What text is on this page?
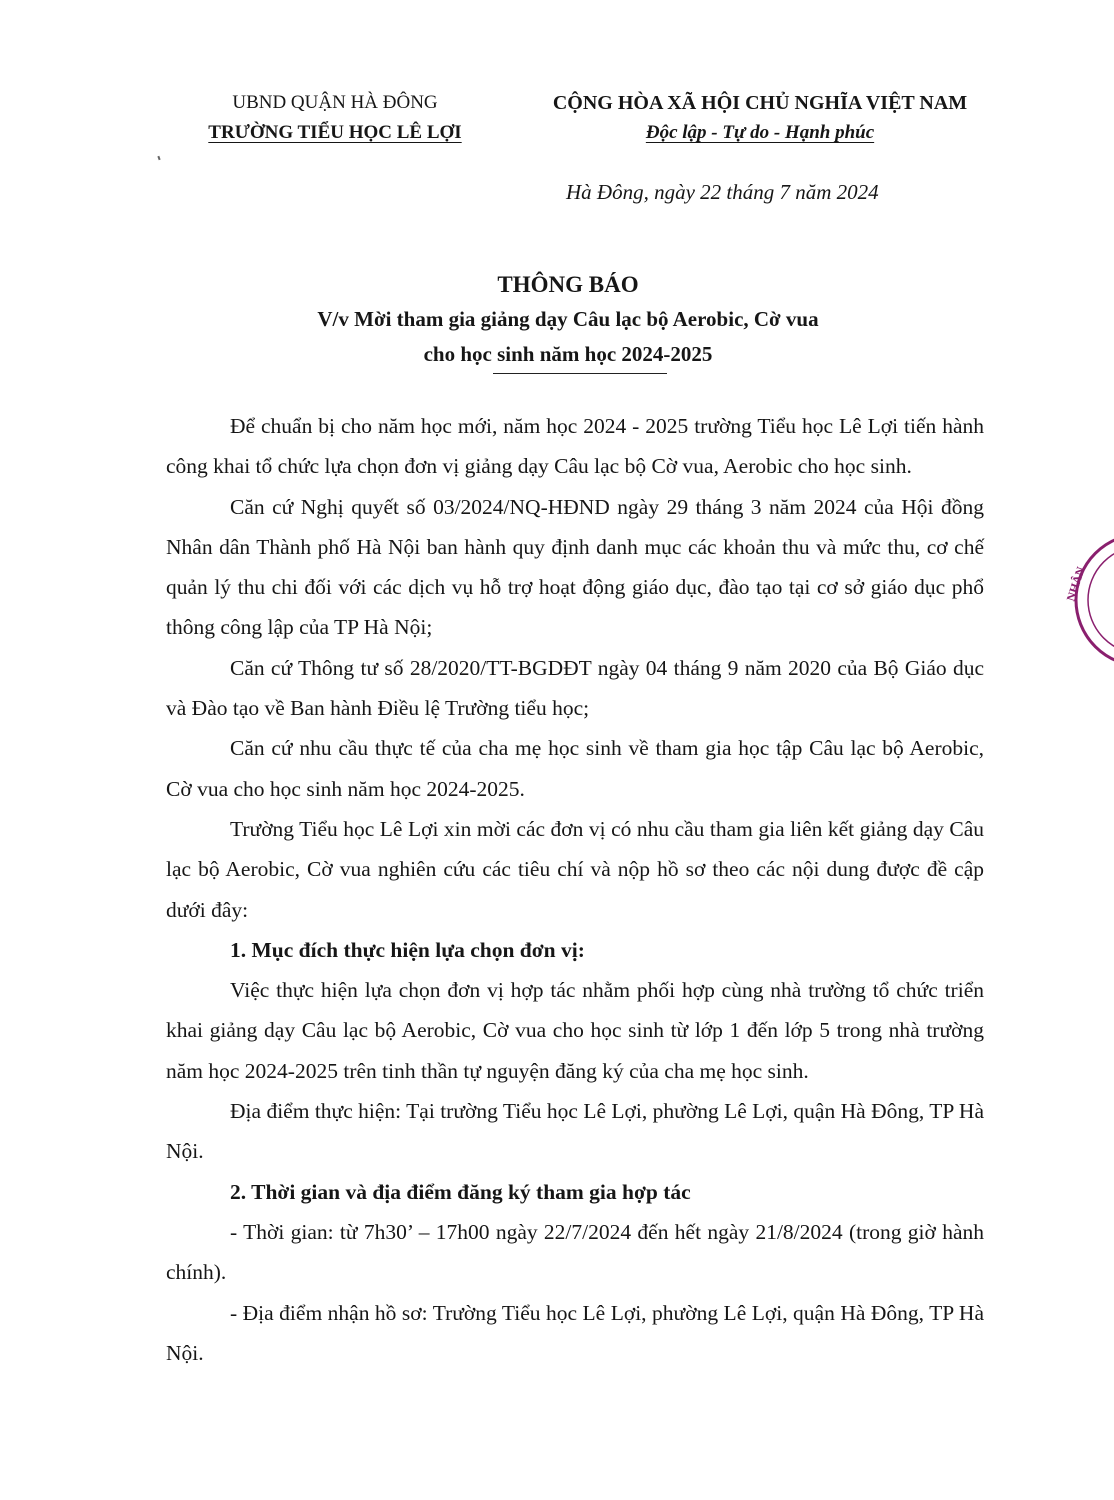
UBND QUẬN HÀ ĐÔNG
TRƯỜNG TIỂU HỌC LÊ LỢI
CỘNG HÒA XÃ HỘI CHỦ NGHĨA VIỆT NAM
Độc lập - Tự do - Hạnh phúc
Hà Đông, ngày 22 tháng 7 năm 2024
THÔNG BÁO
V/v Mời tham gia giảng dạy Câu lạc bộ Aerobic, Cờ vua
cho học sinh năm học 2024-2025

Để chuẩn bị cho năm học mới, năm học 2024 - 2025 trường Tiểu học Lê Lợi tiến hành công khai tổ chức lựa chọn đơn vị giảng dạy Câu lạc bộ Cờ vua, Aerobic cho học sinh.

Căn cứ Nghị quyết số 03/2024/NQ-HĐND ngày 29 tháng 3 năm 2024 của Hội đồng Nhân dân Thành phố Hà Nội ban hành quy định danh mục các khoản thu và mức thu, cơ chế quản lý thu chi đối với các dịch vụ hỗ trợ hoạt động giáo dục, đào tạo tại cơ sở giáo dục phổ thông công lập của TP Hà Nội;

Căn cứ Thông tư số 28/2020/TT-BGDĐT ngày 04 tháng 9 năm 2020 của Bộ Giáo dục và Đào tạo về Ban hành Điều lệ Trường tiểu học;

Căn cứ nhu cầu thực tế của cha mẹ học sinh về tham gia học tập Câu lạc bộ Aerobic, Cờ vua cho học sinh năm học 2024-2025.

Trường Tiểu học Lê Lợi xin mời các đơn vị có nhu cầu tham gia liên kết giảng dạy Câu lạc bộ Aerobic, Cờ vua nghiên cứu các tiêu chí và nộp hồ sơ theo các nội dung được đề cập dưới đây:

1. Mục đích thực hiện lựa chọn đơn vị:

Việc thực hiện lựa chọn đơn vị hợp tác nhằm phối hợp cùng nhà trường tổ chức triển khai giảng dạy Câu lạc bộ Aerobic, Cờ vua cho học sinh từ lớp 1 đến lớp 5 trong nhà trường năm học 2024-2025 trên tinh thần tự nguyện đăng ký của cha mẹ học sinh.

Địa điểm thực hiện: Tại trường Tiểu học Lê Lợi, phường Lê Lợi, quận Hà Đông, TP Hà Nội.

2. Thời gian và địa điểm đăng ký tham gia hợp tác

- Thời gian: từ 7h30’ – 17h00 ngày 22/7/2024 đến hết ngày 21/8/2024 (trong giờ hành chính).

- Địa điểm nhận hồ sơ: Trường Tiểu học Lê Lợi, phường Lê Lợi, quận Hà Đông, TP Hà Nội.

NHÂN
